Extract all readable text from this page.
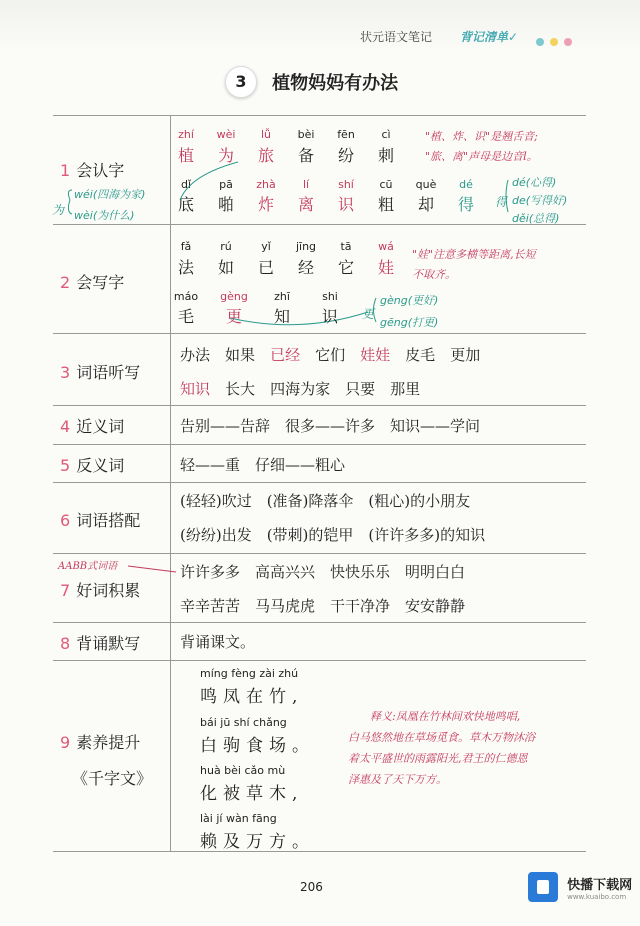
状元语文笔记 背记清单✓
3 植物妈妈有办法
1 会认字
2 会写字
3 词语听写
4 近义词
5 反义词
6 词语搭配
7 好词积累
8 背诵默写
9 素养提升
《千字文》
zhí
植
wèi
为
lǚ
旅
bèi
备
fēn
纷
cì
刺
dǐ
底
pā
啪
zhà
炸
lí
离
shí
识
cū
粗
què
却
dé
得
"植、炸、识"是翘舌音;
"旅、离"声母是边音l。
为
wéi(四海为家)
wèi(为什么)
得
dé(心得)
de(写得好)
děi(总得)
fǎ
法
rú
如
yǐ
已
jīng
经
tā
它
wá
娃
máo
毛
gèng
更
zhī
知
shi
识
"娃"注意多横等距离,长短
不取齐。
更
gèng(更好)
gēng(打更)
办法　 如果　 已经　 它们　 娃娃　 皮毛　 更加
知识　 长大　 四海为家　 只要　 那里
告别——告辞　很多——许多　知识——学问
轻——重　仔细——粗心
(轻轻)吹过　(准备)降落伞　(粗心)的小朋友
(纷纷)出发　(带刺)的铠甲　(许许多多)的知识
AABB式词语	许许多多　高高兴兴　快快乐乐　明明白白
辛辛苦苦　马马虎虎　干干净净　安安静静
背诵课文。
míng fèng zài zhú
鸣凤在竹,
bái jū shí chǎng
白驹食场。
huà bèi cǎo mù
化被草木,
lài jí wàn fāng
赖及万方。
释义:凤凰在竹林间欢快地鸣唱,
白马悠然地在草场觅食。草木万物沐浴
着太平盛世的雨露阳光,君王的仁德恩
泽惠及了天下万方。
206
	快播下载网
www.kuaibo.com
